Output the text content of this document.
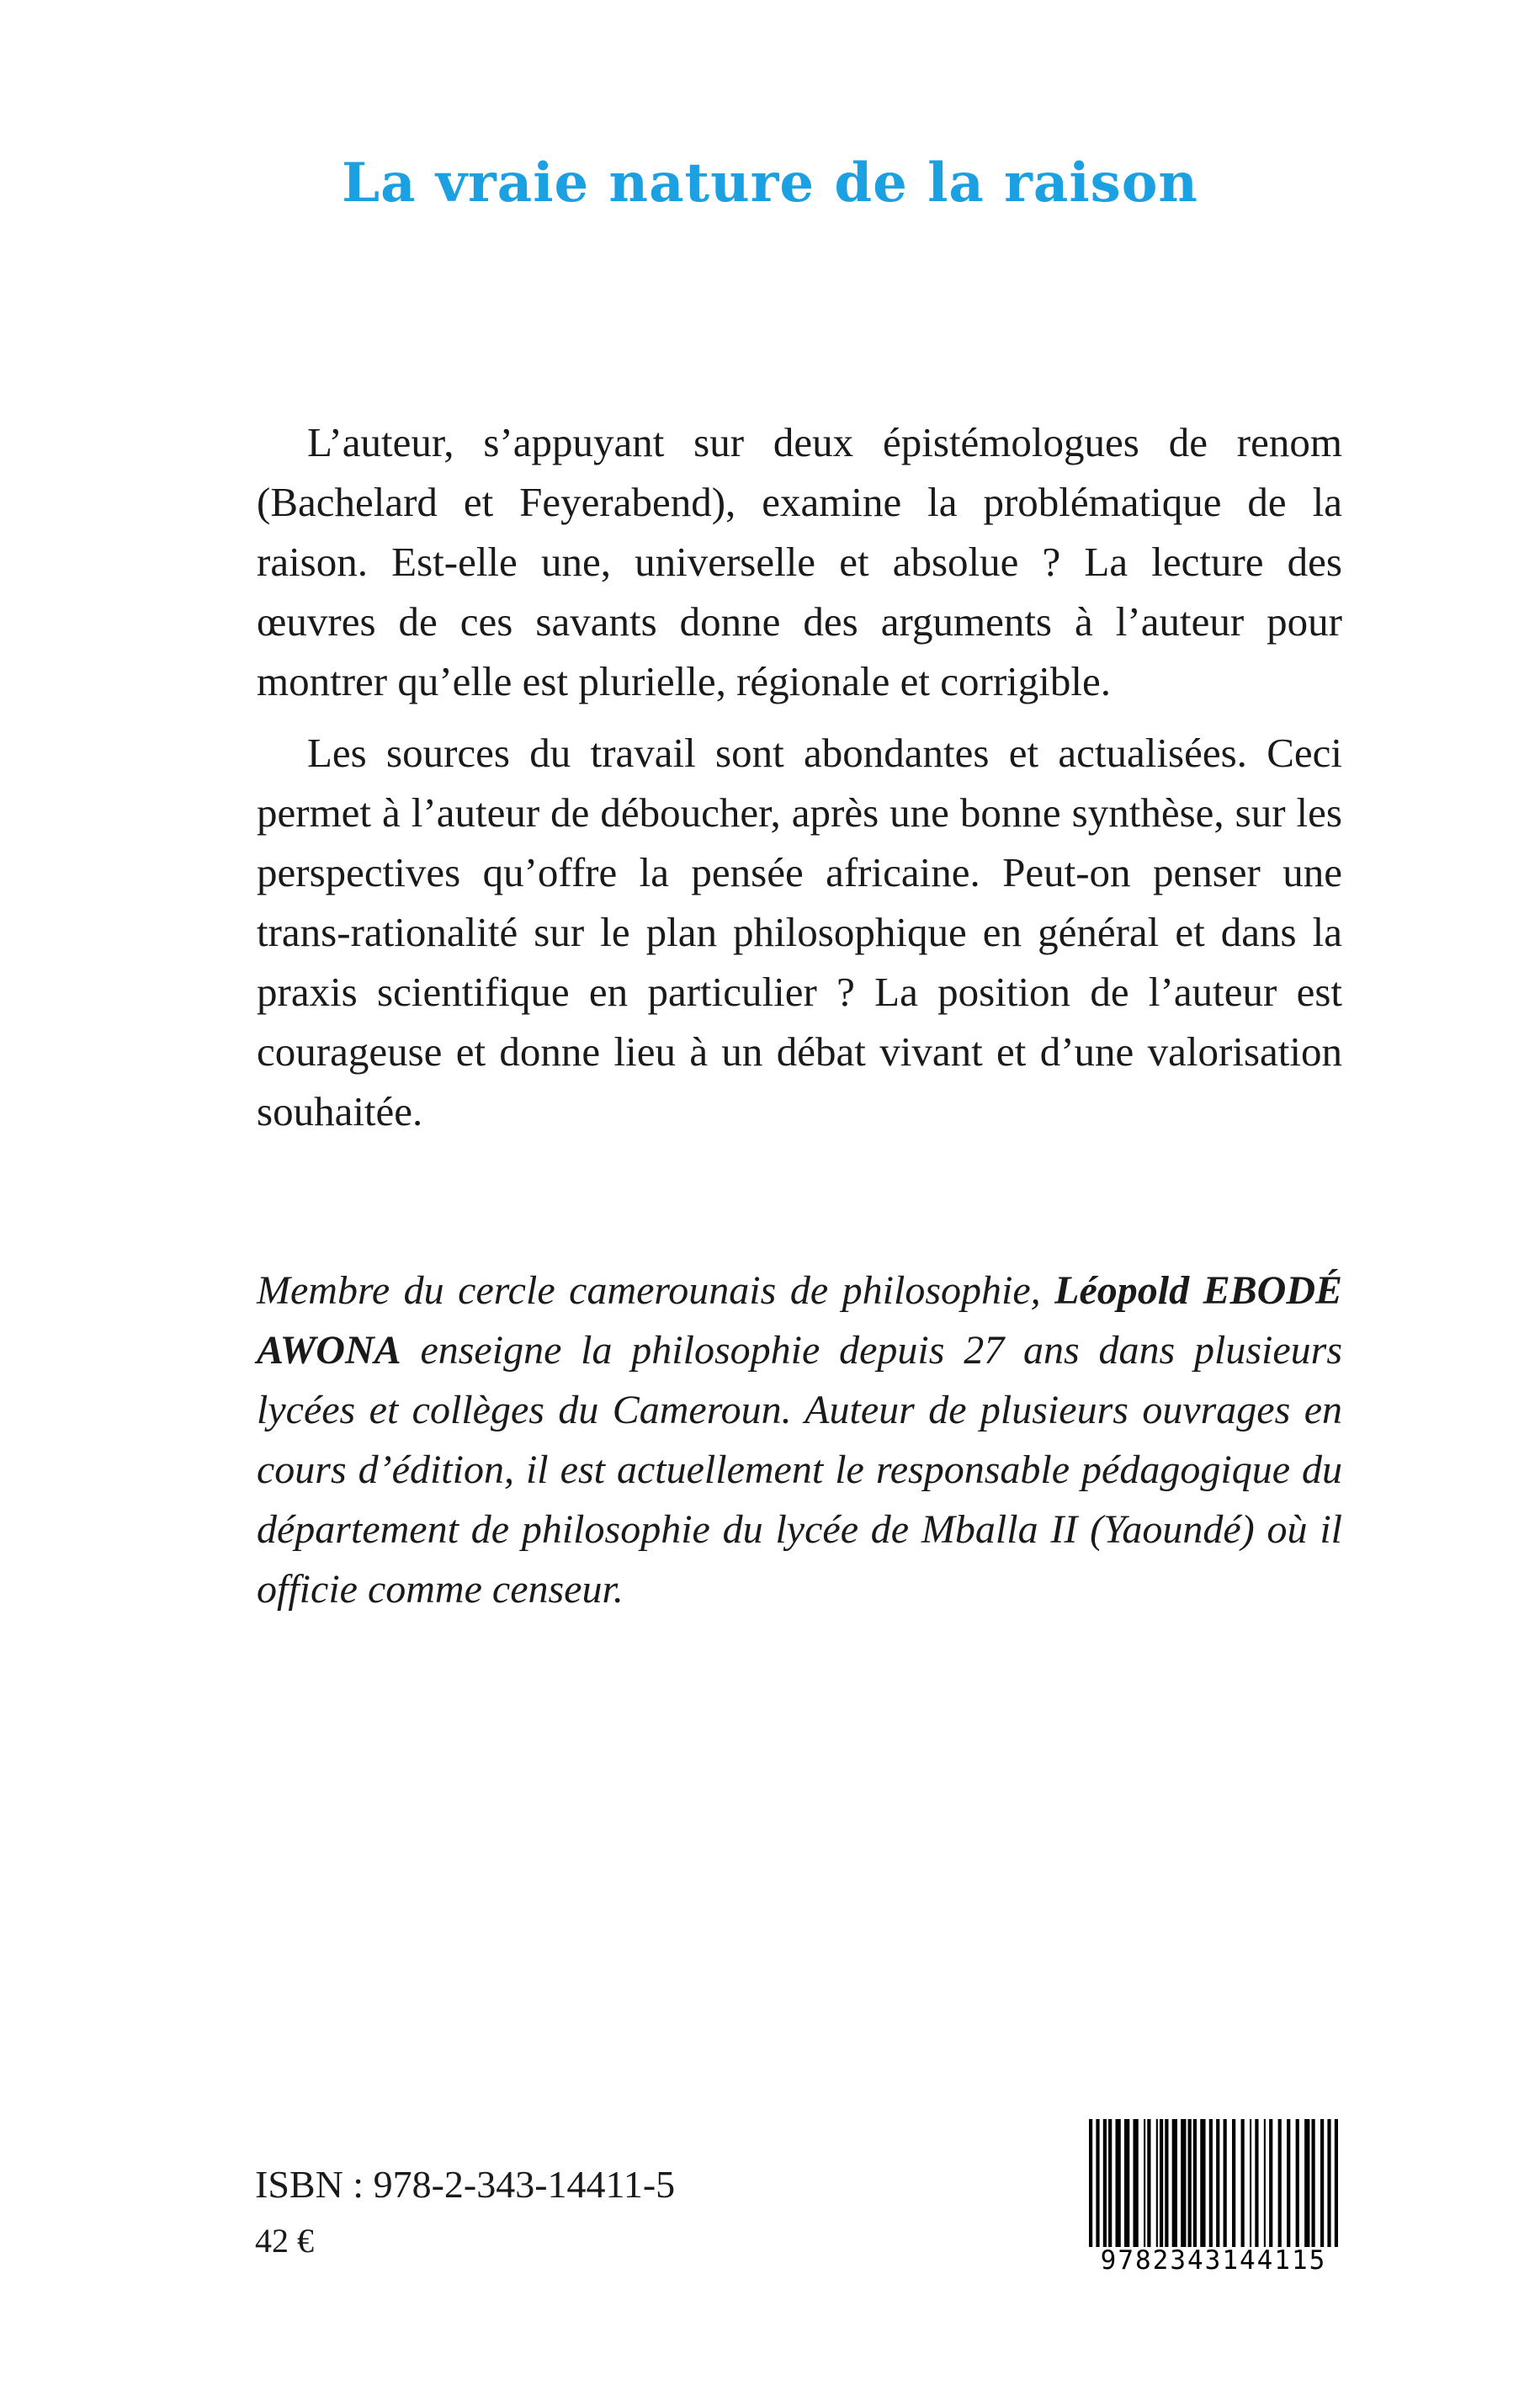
La vraie nature de la raison

L’auteur, s’appuyant sur deux épistémologues de renom (Bachelard et Feyerabend), examine la problématique de la raison. Est-elle une, universelle et absolue ? La lecture des œuvres de ces savants donne des arguments à l’auteur pour montrer qu’elle est plurielle, régionale et corrigible.

Les sources du travail sont abondantes et actualisées. Ceci permet à l’auteur de déboucher, après une bonne synthèse, sur les perspectives qu’offre la pensée africaine. Peut-on penser une trans-rationalité sur le plan philosophique en général et dans la praxis scientifique en particulier ? La position de l’auteur est courageuse et donne lieu à un débat vivant et d’une valorisation souhaitée.

Membre du cercle camerounais de philosophie, Léopold EBODÉ AWONA enseigne la philosophie depuis 27 ans dans plusieurs lycées et collèges du Cameroun. Auteur de plusieurs ouvrages en cours d’édition, il est actuellement le responsable pédagogique du département de philosophie du lycée de Mballa II (Yaoundé) où il officie comme censeur.

ISBN : 978-2-343-14411-5

42 €

9782343144115
